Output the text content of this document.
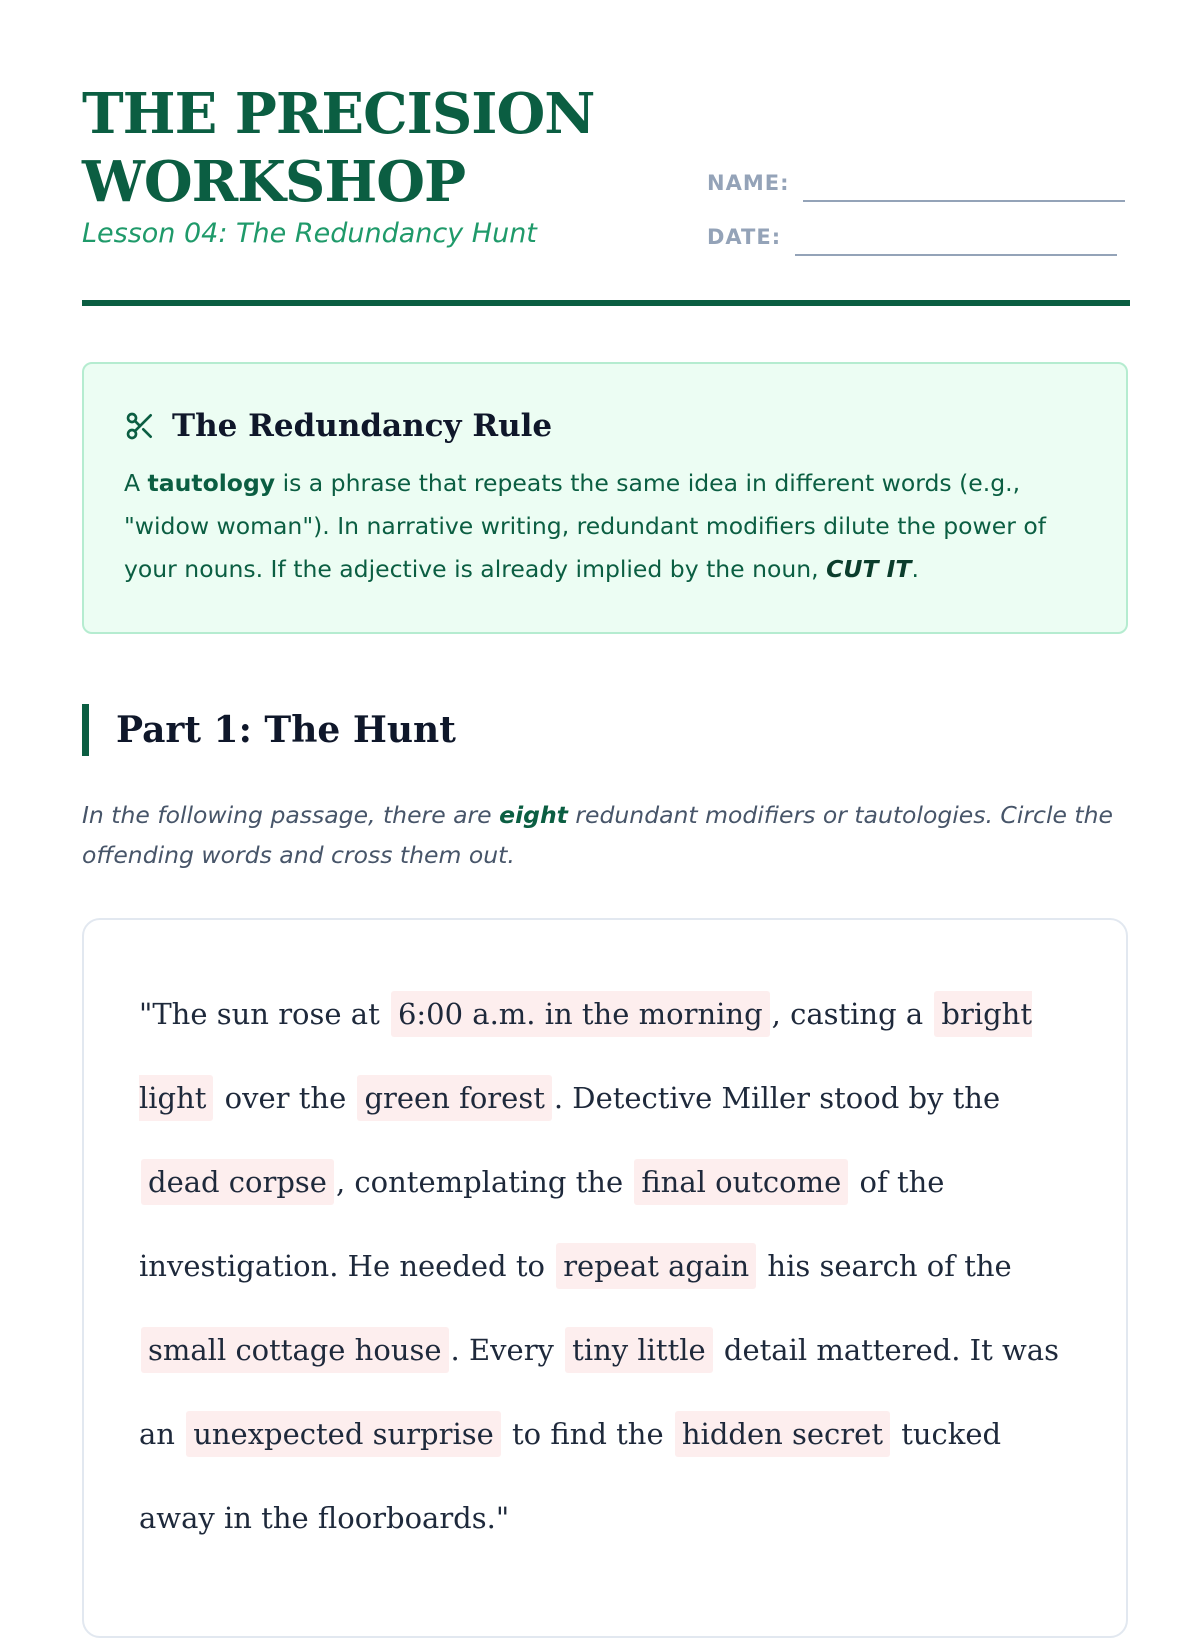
THE PRECISION WORKSHOP
Lesson 04: The Redundancy Hunt
NAME:
DATE:
The Redundancy Rule
A tautology is a phrase that repeats the same idea in different words (e.g., "widow woman"). In narrative writing, redundant modifiers dilute the power of your nouns. If the adjective is already implied by the noun, CUT IT.
Part 1: The Hunt
In the following passage, there are eight redundant modifiers or tautologies. Circle the offending words and cross them out.
"The sun rose at 6:00 a.m. in the morning , casting a bright light over the green forest . Detective Miller stood by the dead corpse , contemplating the final outcome of the investigation. He needed to repeat again his search of the small cottage house . Every tiny little detail mattered. It was an unexpected surprise to find the hidden secret tucked away in the floorboards."
